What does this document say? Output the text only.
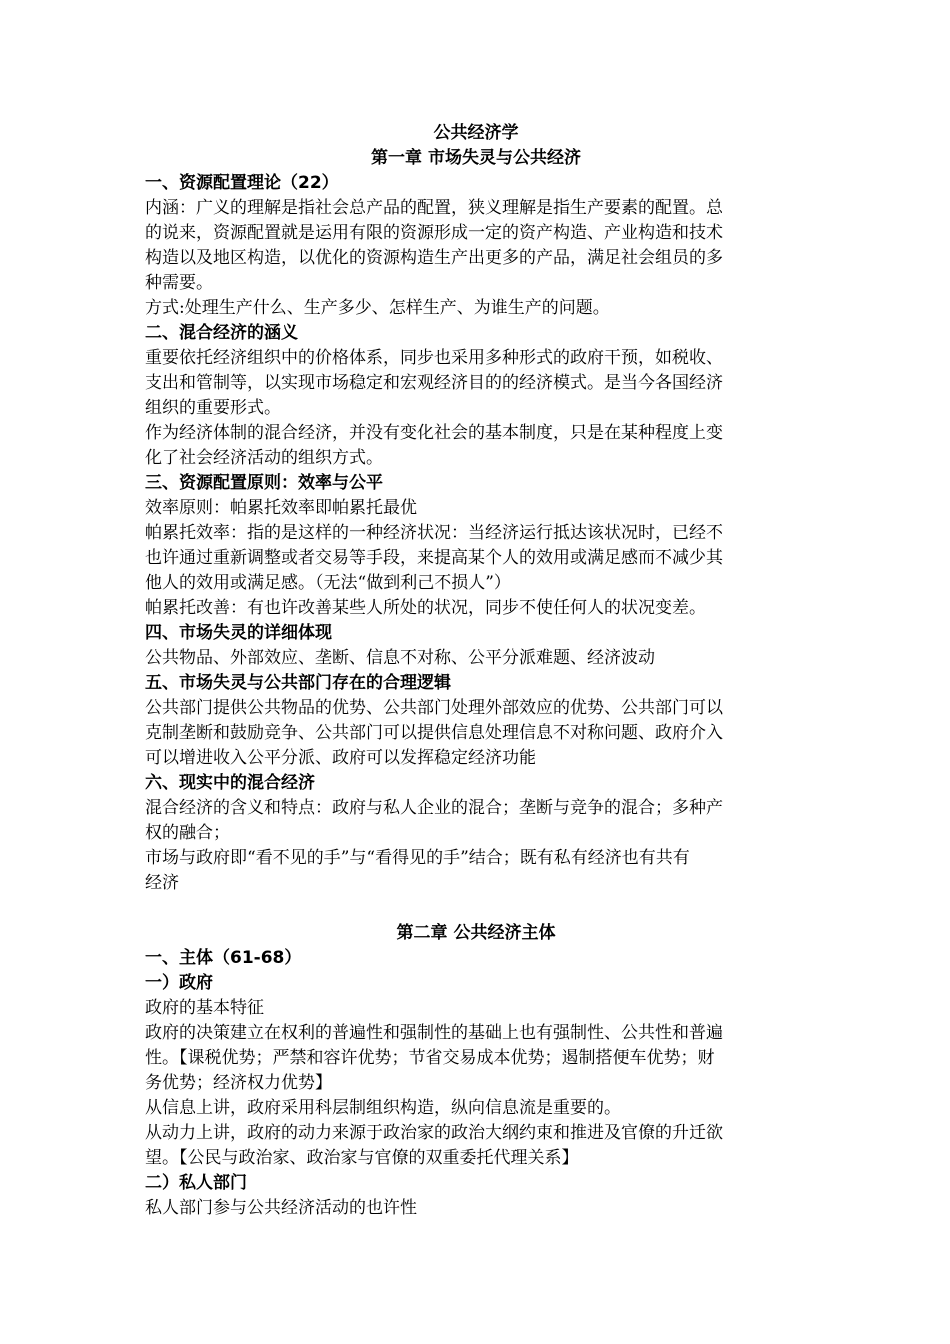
公共经济学
第一章 市场失灵与公共经济
一、资源配置理论（22）
内涵：广义的理解是指社会总产品的配置，狭义理解是指生产要素的配置。总
的说来，资源配置就是运用有限的资源形成一定的资产构造、产业构造和技术
构造以及地区构造，以优化的资源构造生产出更多的产品，满足社会组员的多
种需要。
方式:处理生产什么、生产多少、怎样生产、为谁生产的问题。
二、混合经济的涵义
重要依托经济组织中的价格体系，同步也采用多种形式的政府干预，如税收、
支出和管制等，以实现市场稳定和宏观经济目的的经济模式。是当今各国经济
组织的重要形式。
作为经济体制的混合经济，并没有变化社会的基本制度，只是在某种程度上变
化了社会经济活动的组织方式。
三、资源配置原则：效率与公平
效率原则：帕累托效率即帕累托最优
帕累托效率：指的是这样的一种经济状况：当经济运行抵达该状况时，已经不
也许通过重新调整或者交易等手段，来提高某个人的效用或满足感而不减少其
他人的效用或满足感。（无法“做到利己不损人”）
帕累托改善：有也许改善某些人所处的状况，同步不使任何人的状况变差。
四、市场失灵的详细体现
公共物品、外部效应、垄断、信息不对称、公平分派难题、经济波动
五、市场失灵与公共部门存在的合理逻辑
公共部门提供公共物品的优势、公共部门处理外部效应的优势、公共部门可以
克制垄断和鼓励竞争、公共部门可以提供信息处理信息不对称问题、政府介入
可以增进收入公平分派、政府可以发挥稳定经济功能
六、现实中的混合经济
混合经济的含义和特点：政府与私人企业的混合；垄断与竞争的混合；多种产
权的融合；
市场与政府即“看不见的手”与“看得见的手”结合；既有私有经济也有共有
经济
第二章 公共经济主体
一、主体（61-68）
一）政府
政府的基本特征
政府的决策建立在权利的普遍性和强制性的基础上也有强制性、公共性和普遍
性。【课税优势；严禁和容许优势；节省交易成本优势；遏制搭便车优势；财
务优势；经济权力优势】
从信息上讲，政府采用科层制组织构造，纵向信息流是重要的。
从动力上讲，政府的动力来源于政治家的政治大纲约束和推进及官僚的升迁欲
望。【公民与政治家、政治家与官僚的双重委托代理关系】
二）私人部门
私人部门参与公共经济活动的也许性
